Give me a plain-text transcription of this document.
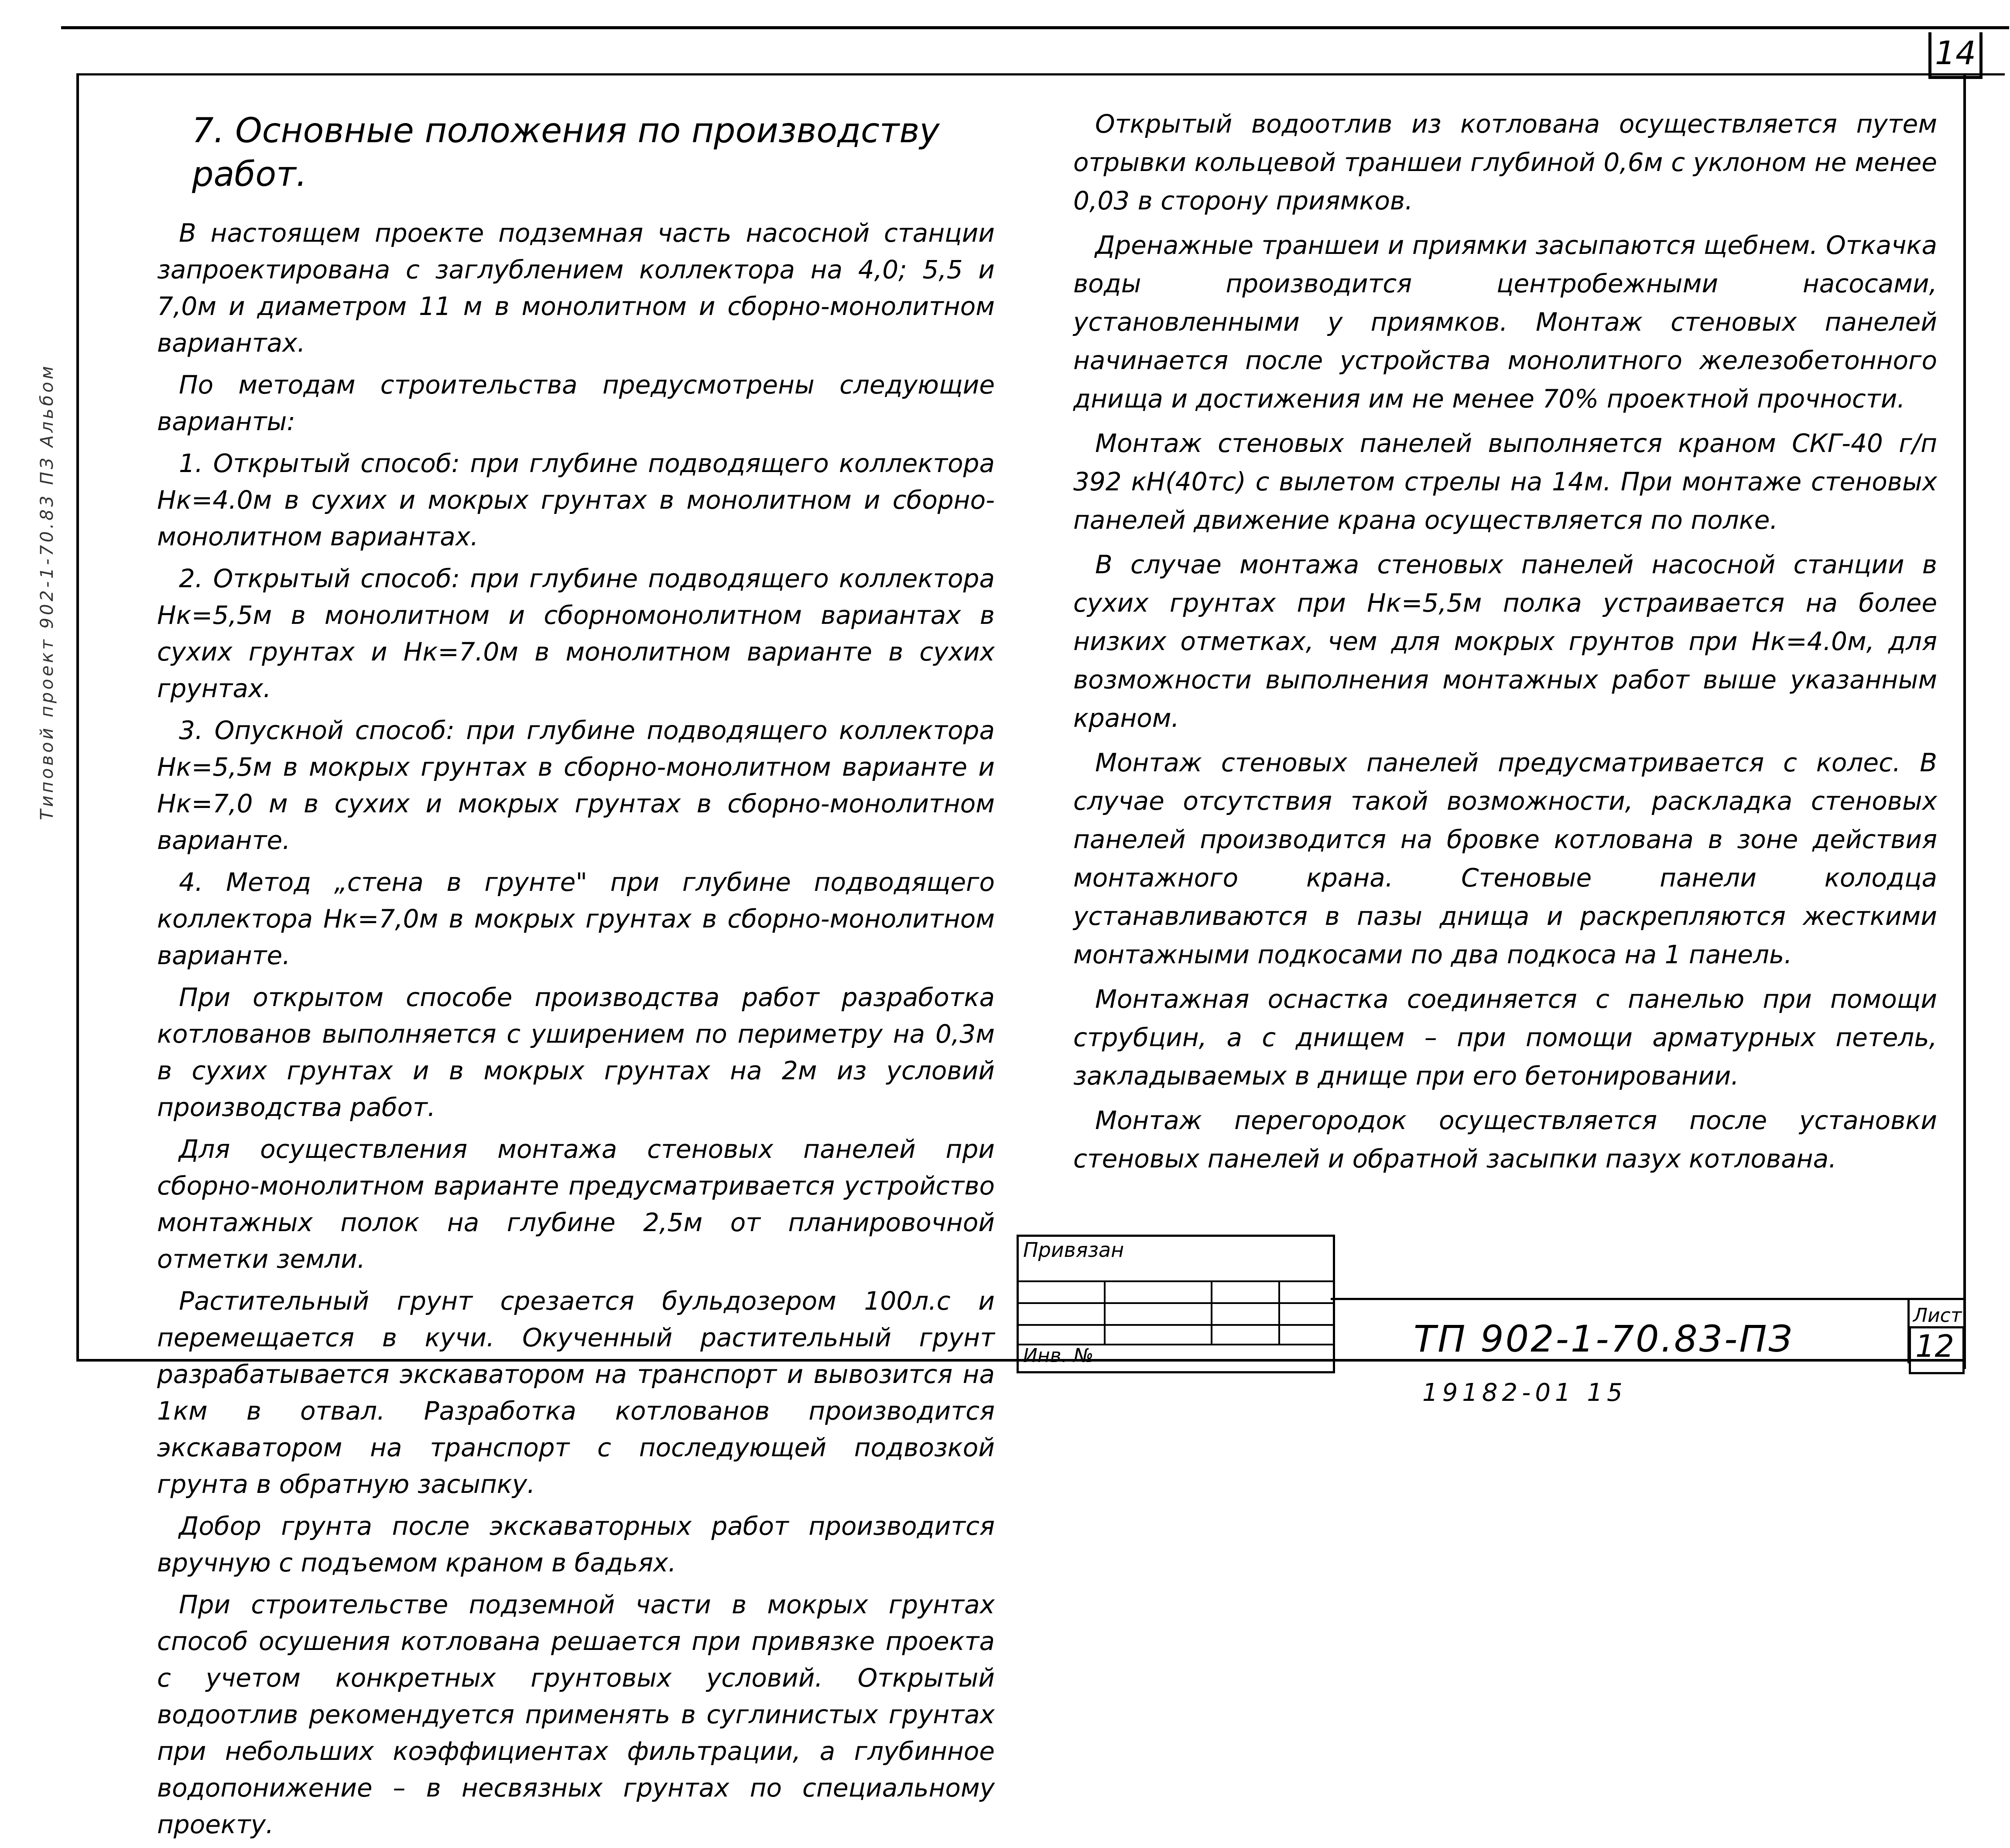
14
Типовой проект 902-1-70.83 ПЗ Альбом
7. Основные положения по производству работ.

В настоящем проекте подземная часть насосной станции запроектирована с заглублением коллектора на 4,0; 5,5 и 7,0м и диаметром 11 м в монолитном и сборно-монолитном вариантах.

По методам строительства предусмотрены следующие варианты:

1. Открытый способ: при глубине подводящего коллектора Нк=4.0м в сухих и мокрых грунтах в монолитном и сборно-монолитном вариантах.

2. Открытый способ: при глубине подводящего коллектора Нк=5,5м в монолитном и сборномонолитном вариантах в сухих грунтах и Нк=7.0м в монолитном варианте в сухих грунтах.

3. Опускной способ: при глубине подводящего коллектора Нк=5,5м в мокрых грунтах в сборно-монолитном варианте и Нк=7,0 м в сухих и мокрых грунтах в сборно-монолитном варианте.

4. Метод „стена в грунте" при глубине подводящего коллектора Нк=7,0м в мокрых грунтах в сборно-монолитном варианте.

При открытом способе производства работ разработка котлованов выполняется с уширением по периметру на 0,3м в сухих грунтах и в мокрых грунтах на 2м из условий производства работ.

Для осуществления монтажа стеновых панелей при сборно-монолитном варианте предусматривается устройство монтажных полок на глубине 2,5м от планировочной отметки земли.

Растительный грунт срезается бульдозером 100л.с и перемещается в кучи. Окученный растительный грунт разрабатывается экскаватором на транспорт и вывозится на 1км в отвал. Разработка котлованов производится экскаватором на транспорт с последующей подвозкой грунта в обратную засыпку.

Добор грунта после экскаваторных работ производится вручную с подъемом краном в бадьях.

При строительстве подземной части в мокрых грунтах способ осушения котлована решается при привязке проекта с учетом конкретных грунтовых условий. Открытый водоотлив рекомендуется применять в суглинистых грунтах при небольших коэффициентах фильтрации, а глубинное водопонижение – в несвязных грунтах по специальному проекту.

Открытый водоотлив из котлована осуществляется путем отрывки кольцевой траншеи глубиной 0,6м с уклоном не менее 0,03 в сторону приямков.

Дренажные траншеи и приямки засыпаются щебнем. Откачка воды производится центробежными насосами, установленными у приямков. Монтаж стеновых панелей начинается после устройства монолитного железобетонного днища и достижения им не менее 70% проектной прочности.

Монтаж стеновых панелей выполняется краном СКГ-40 г/п 392 кН(40тс) с вылетом стрелы на 14м. При монтаже стеновых панелей движение крана осуществляется по полке.

В случае монтажа стеновых панелей насосной станции в сухих грунтах при Нк=5,5м полка устраивается на более низких отметках, чем для мокрых грунтов при Нк=4.0м, для возможности выполнения монтажных работ выше указанным краном.

Монтаж стеновых панелей предусматривается с колес. В случае отсутствия такой возможности, раскладка стеновых панелей производится на бровке котлована в зоне действия монтажного крана. Стеновые панели колодца устанавливаются в пазы днища и раскрепляются жесткими монтажными подкосами по два подкоса на 1 панель.

Монтажная оснастка соединяется с панелью при помощи струбцин, а с днищем – при помощи арматурных петель, закладываемых в днище при его бетонировании.

Монтаж перегородок осуществляется после установки стеновых панелей и обратной засыпки пазух котлована.

Привязан
Инв. №	ТП 902-1-70.83-ПЗ
Лист
12
19182-01 15
